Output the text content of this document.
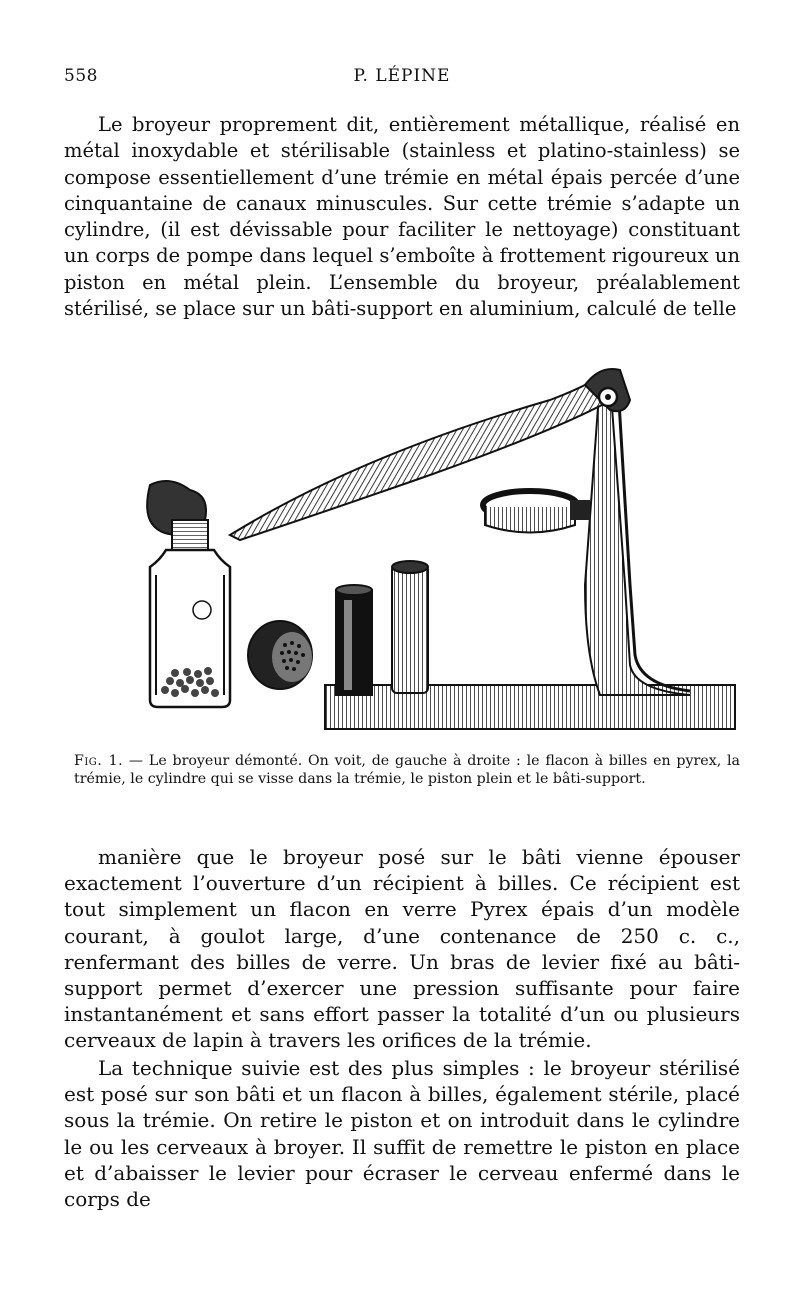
558	P. LÉPINE

Le broyeur proprement dit, entièrement métallique, réalisé en métal inoxydable et stérilisable (stainless et platino-stainless) se compose essentiellement d’une trémie en métal épais percée d’une cinquantaine de canaux minuscules. Sur cette trémie s’adapte un cylindre, (il est dévissable pour faciliter le nettoyage) constituant un corps de pompe dans lequel s’emboîte à frottement rigoureux un piston en métal plein. L’ensemble du broyeur, préalablement stérilisé, se place sur un bâti-support en aluminium, calculé de telle

Fig. 1. — Le broyeur démonté. On voit, de gauche à droite : le flacon à billes en pyrex, la trémie, le cylindre qui se visse dans la trémie, le piston plein et le bâti-support.

manière que le broyeur posé sur le bâti vienne épouser exactement l’ouverture d’un récipient à billes. Ce récipient est tout simplement un flacon en verre Pyrex épais d’un modèle courant, à goulot large, d’une contenance de 250 c. c., renfermant des billes de verre. Un bras de levier fixé au bâti-support permet d’exercer une pression suffisante pour faire instantanément et sans effort passer la totalité d’un ou plusieurs cerveaux de lapin à travers les orifices de la trémie.

La technique suivie est des plus simples : le broyeur stérilisé est posé sur son bâti et un flacon à billes, également stérile, placé sous la trémie. On retire le piston et on introduit dans le cylindre le ou les cerveaux à broyer. Il suffit de remettre le piston en place et d’abaisser le levier pour écraser le cerveau enfermé dans le corps de
